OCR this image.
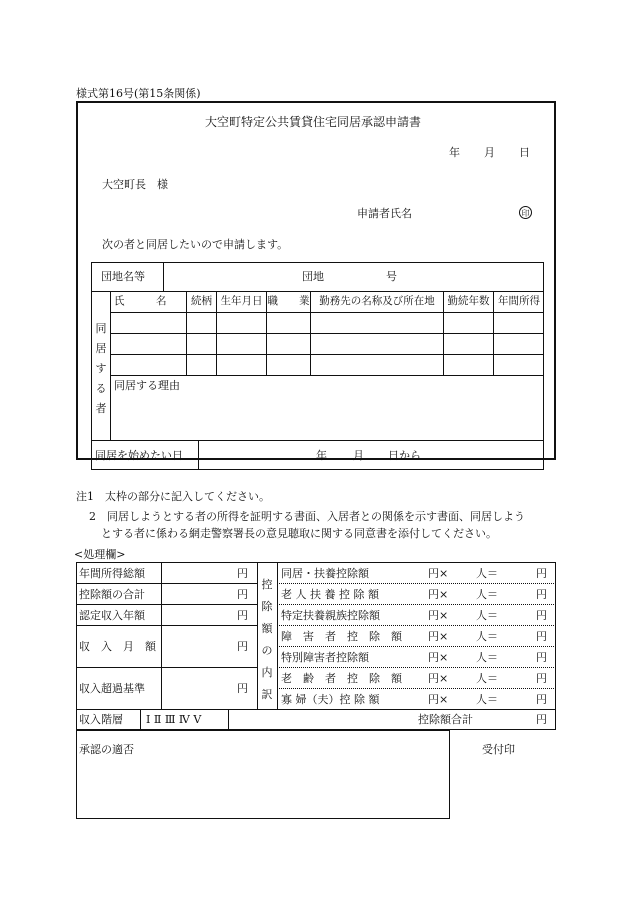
様式第16号(第15条関係)
大空町特定公共賃貸住宅同居承認申請書
年 月 日
大空町長　様
申請者氏名	印
次の者と同居したいので申請します。
団地名等	団地	号
同
居
す
る
者
氏　　　名	続柄 生年月日 職　　業 勤務先の名称及び所在地	勤続年数 年間所得
同居する理由
同居を始めたい日	年 月 日から
注1　太枠の部分に記入してください。
2　同居しようとする者の所得を証明する書面、入居者との関係を示す書面、同居しよう
とする者に係わる網走警察署長の意見聴取に関する同意書を添付してください。
<処理欄>
年間所得総額	円
控除額の合計	円
認定収入年額	円
収　入　月　額	円
収入超過基準	円
収入階層 Ⅰ Ⅱ Ⅲ Ⅳ Ⅴ
控
除
額
の
内
訳
同居・扶養控除額	円×	人＝	円
老 人 扶 養 控 除 額	円×	人＝	円
特定扶養親族控除額	円×	人＝	円
障　害　者　控　除　額 円×	人＝	円
特別障害者控除額	円×	人＝	円
老　齢　者　控　除　額 円×	人＝	円
寡 婦（夫）控 除 額	円×	人＝	円
控除額合計	円
承認の適否	受付印
